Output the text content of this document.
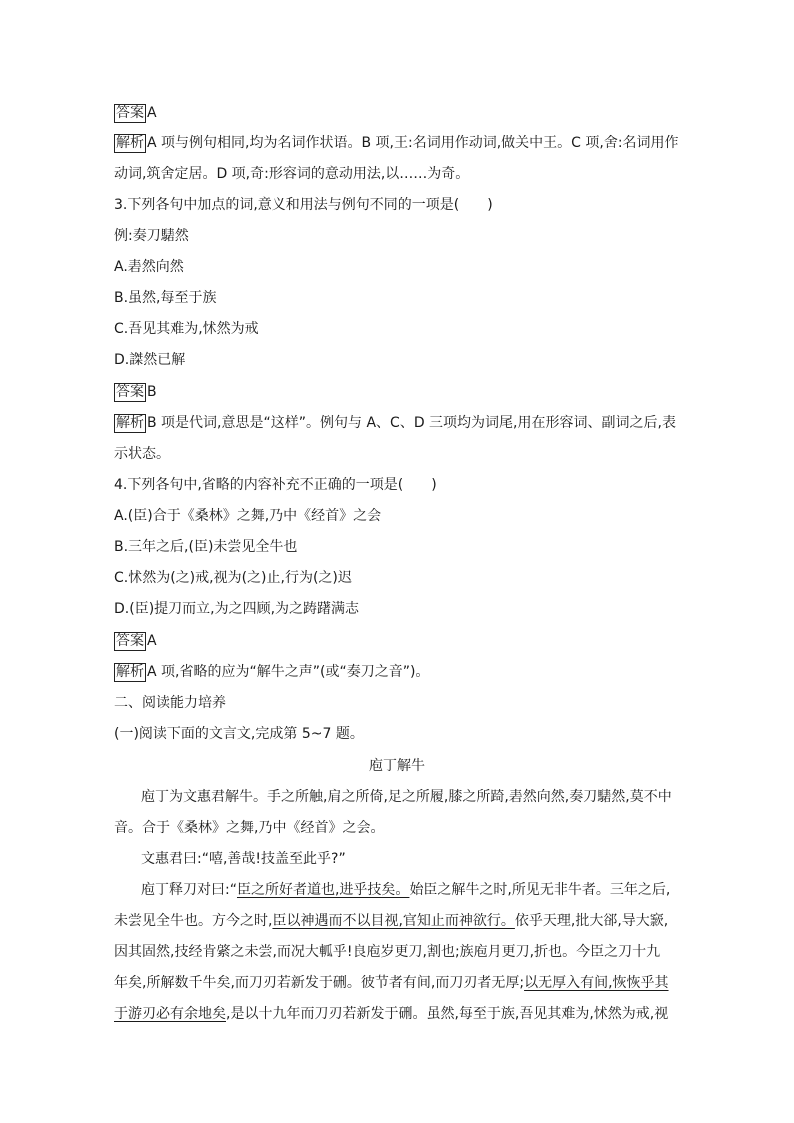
答案 A
解析 A 项与例句相同,均为名词作状语。B 项,王:名词用作动词,做关中王。C 项,舍:名词用作
动词,筑舍定居。D 项,奇:形容词的意动用法,以……为奇。
3.下列各句中加点的词,意义和用法与例句不同的一项是(　　)
例:奏刀騞然
A.砉然向然
B.虽然,每至于族
C.吾见其难为,怵然为戒
D.謋然已解
答案 B
解析 B 项是代词,意思是“这样”。例句与 A、C、D 三项均为词尾,用在形容词、副词之后,表
示状态。
4.下列各句中,省略的内容补充不正确的一项是(　　)
A.(臣)合于《桑林》之舞,乃中《经首》之会
B.三年之后,(臣)未尝见全牛也
C.怵然为(之)戒,视为(之)止,行为(之)迟
D.(臣)提刀而立,为之四顾,为之踌躇满志
答案 A
解析 A 项,省略的应为“解牛之声”(或“奏刀之音”)。
二、阅读能力培养
(一)阅读下面的文言文,完成第 5~7 题。
庖丁解牛
庖丁为文惠君解牛。手之所触,肩之所倚,足之所履,膝之所踦,砉然向然,奏刀騞然,莫不中
音。合于《桑林》之舞,乃中《经首》之会。
文惠君曰:“嘻,善哉!技盖至此乎?”
庖丁释刀对曰:“臣之所好者道也,进乎技矣。始臣之解牛之时,所见无非牛者。三年之后,
未尝见全牛也。方今之时,臣以神遇而不以目视,官知止而神欲行。依乎天理,批大郤,导大窾,
因其固然,技经肯綮之未尝,而况大軱乎!良庖岁更刀,割也;族庖月更刀,折也。今臣之刀十九
年矣,所解数千牛矣,而刀刃若新发于硎。彼节者有间,而刀刃者无厚;以无厚入有间,恢恢乎其
于游刃必有余地矣,是以十九年而刀刃若新发于硎。虽然,每至于族,吾见其难为,怵然为戒,视
